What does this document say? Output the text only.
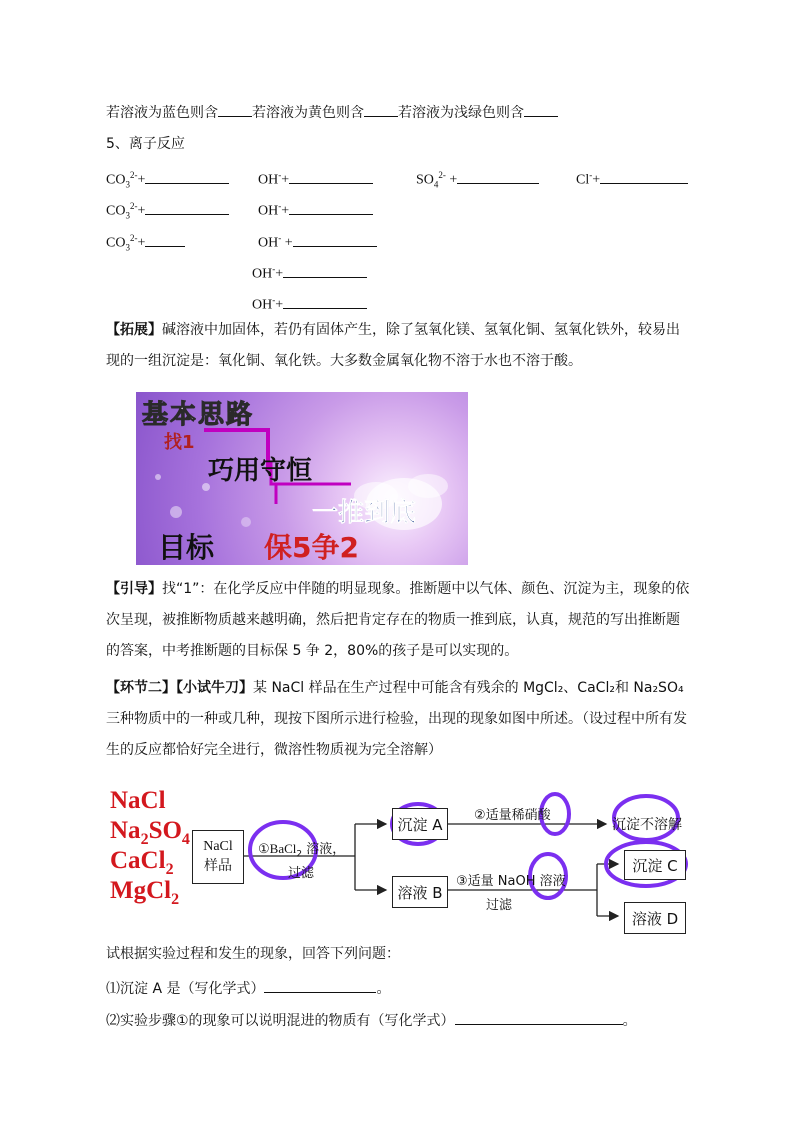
若溶液为蓝色则含 若溶液为黄色则含 若溶液为浅绿色则含
5、离子反应
$CO_3^{2-}+$	OH-+	$SO_4^{2-}$ +	Cl-+
$CO_3^{2-}+$	OH-+
$CO_3^{2-}+$	OH- +
OH-+
OH-+
【拓展】碱溶液中加固体，若仍有固体产生，除了氢氧化镁、氢氧化铜、氢氧化铁外，较易出现的一组沉淀是：氧化铜、氧化铁。大多数金属氧化物不溶于水也不溶于酸。
基本思路
找1
巧用守恒
一推到底
目标 保5争2
【引导】找“1”：在化学反应中伴随的明显现象。推断题中以气体、颜色、沉淀为主，现象的依次呈现，被推断物质越来越明确，然后把肯定存在的物质一推到底，认真，规范的写出推断题的答案，中考推断题的目标保 5 争 2，80%的孩子是可以实现的。
【环节二】【小试牛刀】某 NaCl 样品在生产过程中可能含有残余的 MgCl₂、CaCl₂和 Na₂SO₄三种物质中的一种或几种，现按下图所示进行检验，出现的现象如图中所述。（设过程中所有发生的反应都恰好完全进行，微溶性物质视为完全溶解）
NaCl
$Na_2SO_4$
CaCl$_2$
MgCl$_2$
NaCl
样品
①BaCl$_2$ 溶液，
过滤
沉淀 A	②适量稀硝酸
沉淀不溶解
溶液 B
③适量 NaOH 溶液
过滤
沉淀 C
溶液 D
试根据实验过程和发生的现象，回答下列问题：
⑴沉淀 A 是（写化学式）	。
⑵实验步骤①的现象可以说明混进的物质有（写化学式）	。
